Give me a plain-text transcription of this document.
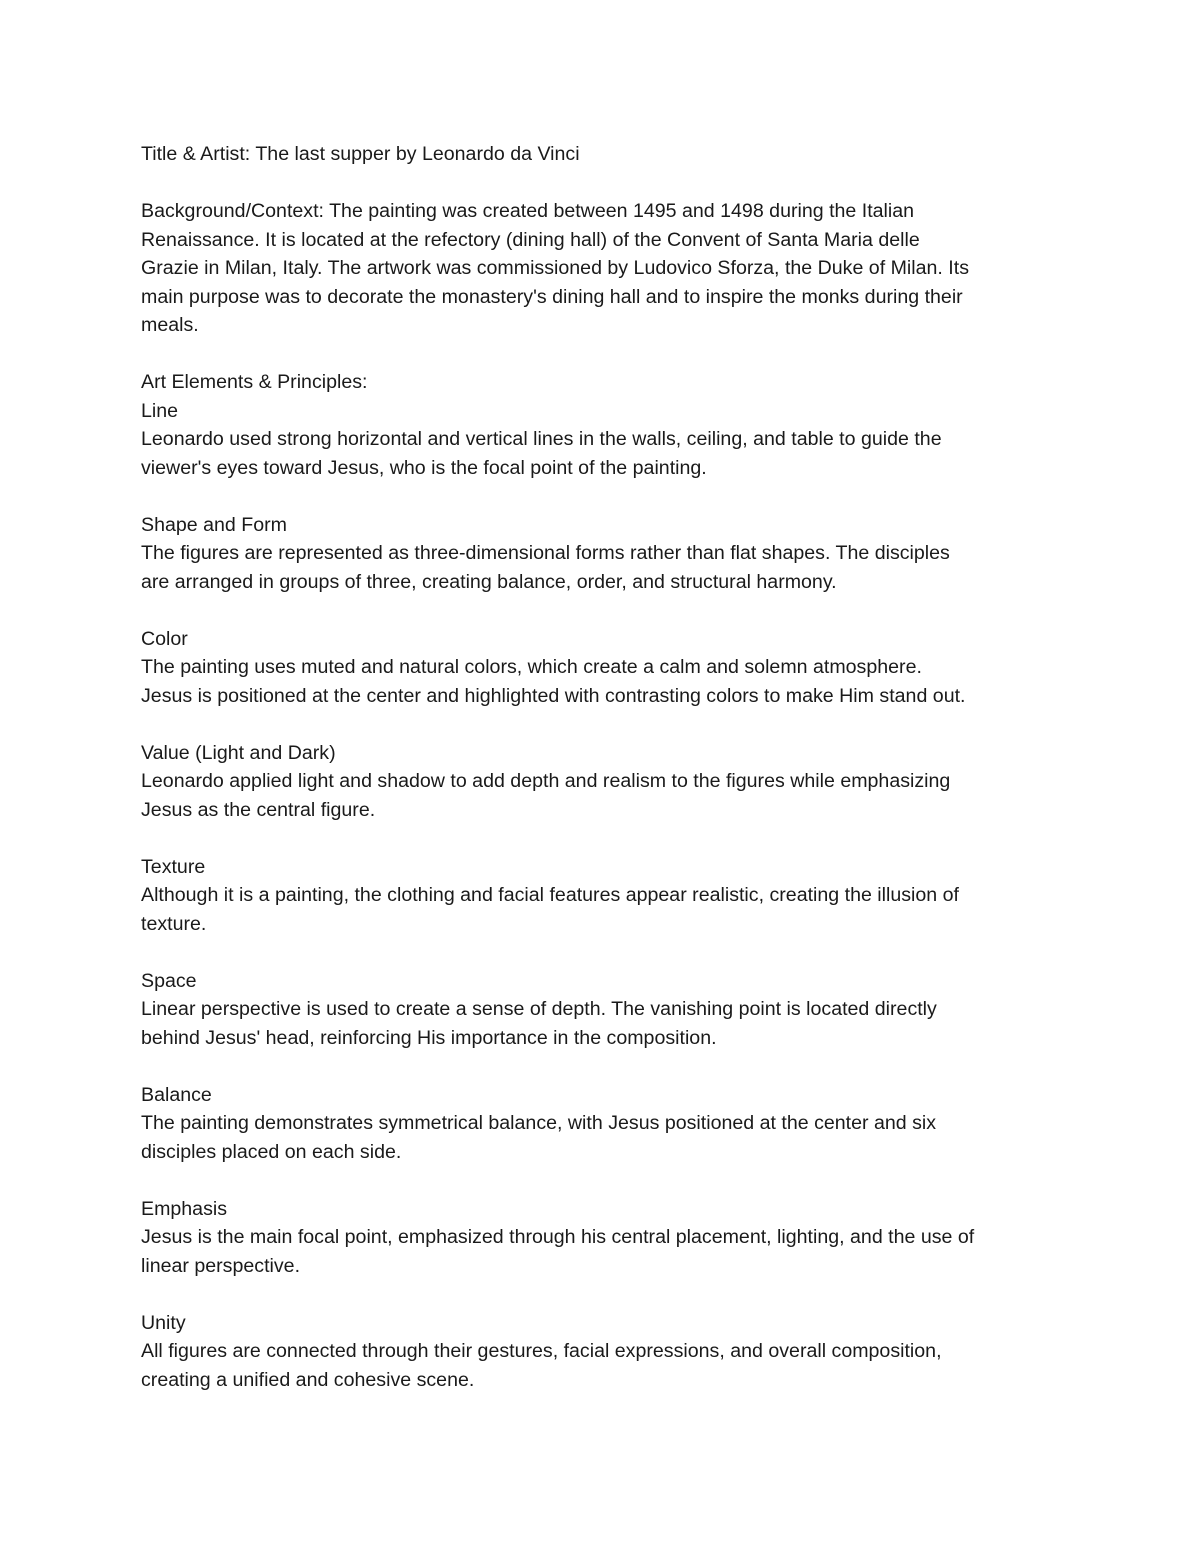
Title & Artist: The last supper by Leonardo da Vinci

Background/Context: The painting was created between 1495 and 1498 during the Italian
Renaissance. It is located at the refectory (dining hall) of the Convent of Santa Maria delle
Grazie in Milan, Italy. The artwork was commissioned by Ludovico Sforza, the Duke of Milan. Its
main purpose was to decorate the monastery's dining hall and to inspire the monks during their
meals.

Art Elements & Principles:
Line
Leonardo used strong horizontal and vertical lines in the walls, ceiling, and table to guide the
viewer's eyes toward Jesus, who is the focal point of the painting.

Shape and Form
The figures are represented as three-dimensional forms rather than flat shapes. The disciples
are arranged in groups of three, creating balance, order, and structural harmony.

Color
The painting uses muted and natural colors, which create a calm and solemn atmosphere.
Jesus is positioned at the center and highlighted with contrasting colors to make Him stand out.

Value (Light and Dark)
Leonardo applied light and shadow to add depth and realism to the figures while emphasizing
Jesus as the central figure.

Texture
Although it is a painting, the clothing and facial features appear realistic, creating the illusion of
texture.

Space
Linear perspective is used to create a sense of depth. The vanishing point is located directly
behind Jesus' head, reinforcing His importance in the composition.

Balance
The painting demonstrates symmetrical balance, with Jesus positioned at the center and six
disciples placed on each side.

Emphasis
Jesus is the main focal point, emphasized through his central placement, lighting, and the use of
linear perspective.

Unity
All figures are connected through their gestures, facial expressions, and overall composition,
creating a unified and cohesive scene.
